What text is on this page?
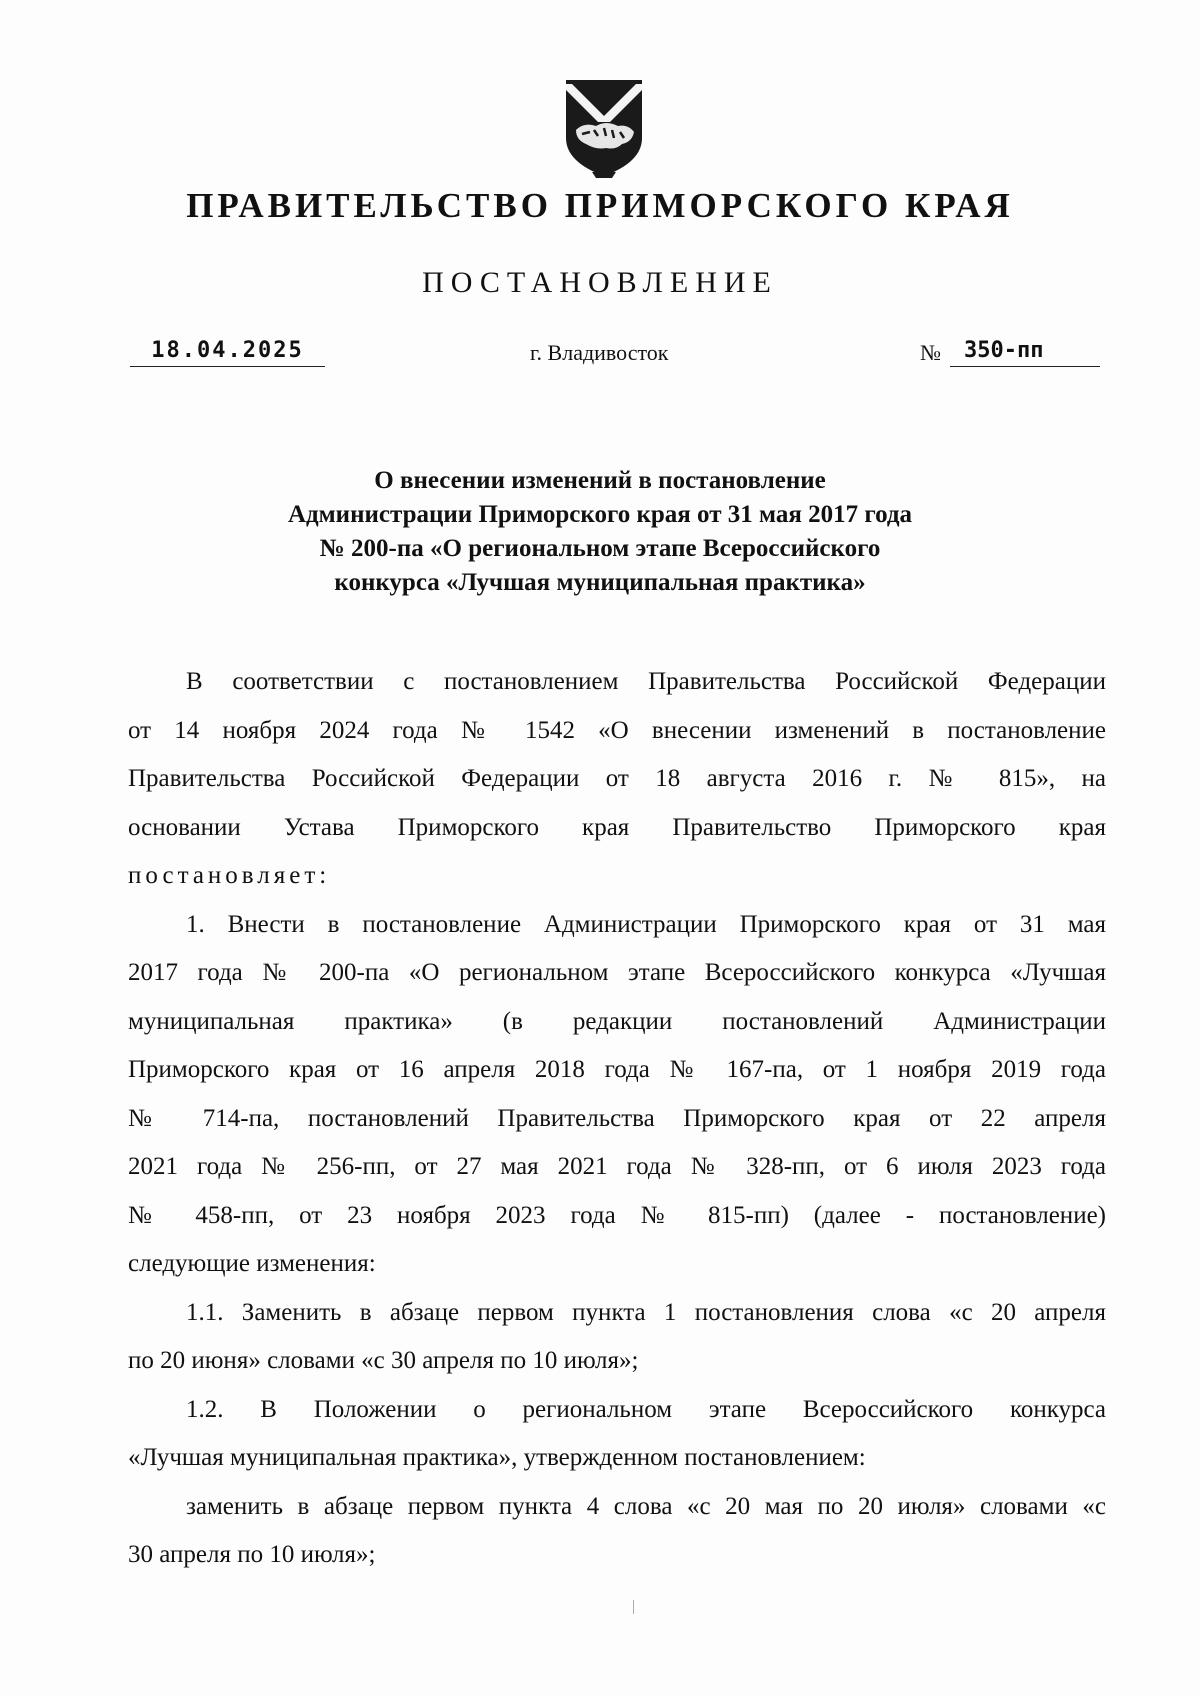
ПРАВИТЕЛЬСТВО ПРИМОРСКОГО КРАЯ
ПОСТАНОВЛЕНИЕ
18.04.2025	г. Владивосток	№	350-пп
О внесении изменений в постановление
Администрации Приморского края от 31 мая 2017 года
№ 200-па «О региональном этапе Всероссийского
конкурса «Лучшая муниципальная практика»
В соответствии с постановлением Правительства Российской Федерации
от 14 ноября 2024 года № 1542 «О внесении изменений в постановление
Правительства Российской Федерации от 18 августа 2016 г. № 815», на
основании Устава Приморского края Правительство Приморского края
постановляет:
1. Внести в постановление Администрации Приморского края от 31 мая
2017 года № 200-па «О региональном этапе Всероссийского конкурса «Лучшая
муниципальная практика» (в редакции постановлений Администрации
Приморского края от 16 апреля 2018 года № 167-па, от 1 ноября 2019 года
№ 714-па, постановлений Правительства Приморского края от 22 апреля
2021 года № 256-пп, от 27 мая 2021 года № 328-пп, от 6 июля 2023 года
№ 458-пп, от 23 ноября 2023 года № 815-пп) (далее - постановление)
следующие изменения:
1.1. Заменить в абзаце первом пункта 1 постановления слова «с 20 апреля
по 20 июня» словами «с 30 апреля по 10 июля»;
1.2. В Положении о региональном этапе Всероссийского конкурса
«Лучшая муниципальная практика», утвержденном постановлением:
заменить в абзаце первом пункта 4 слова «с 20 мая по 20 июля» словами «с
30 апреля по 10 июля»;
